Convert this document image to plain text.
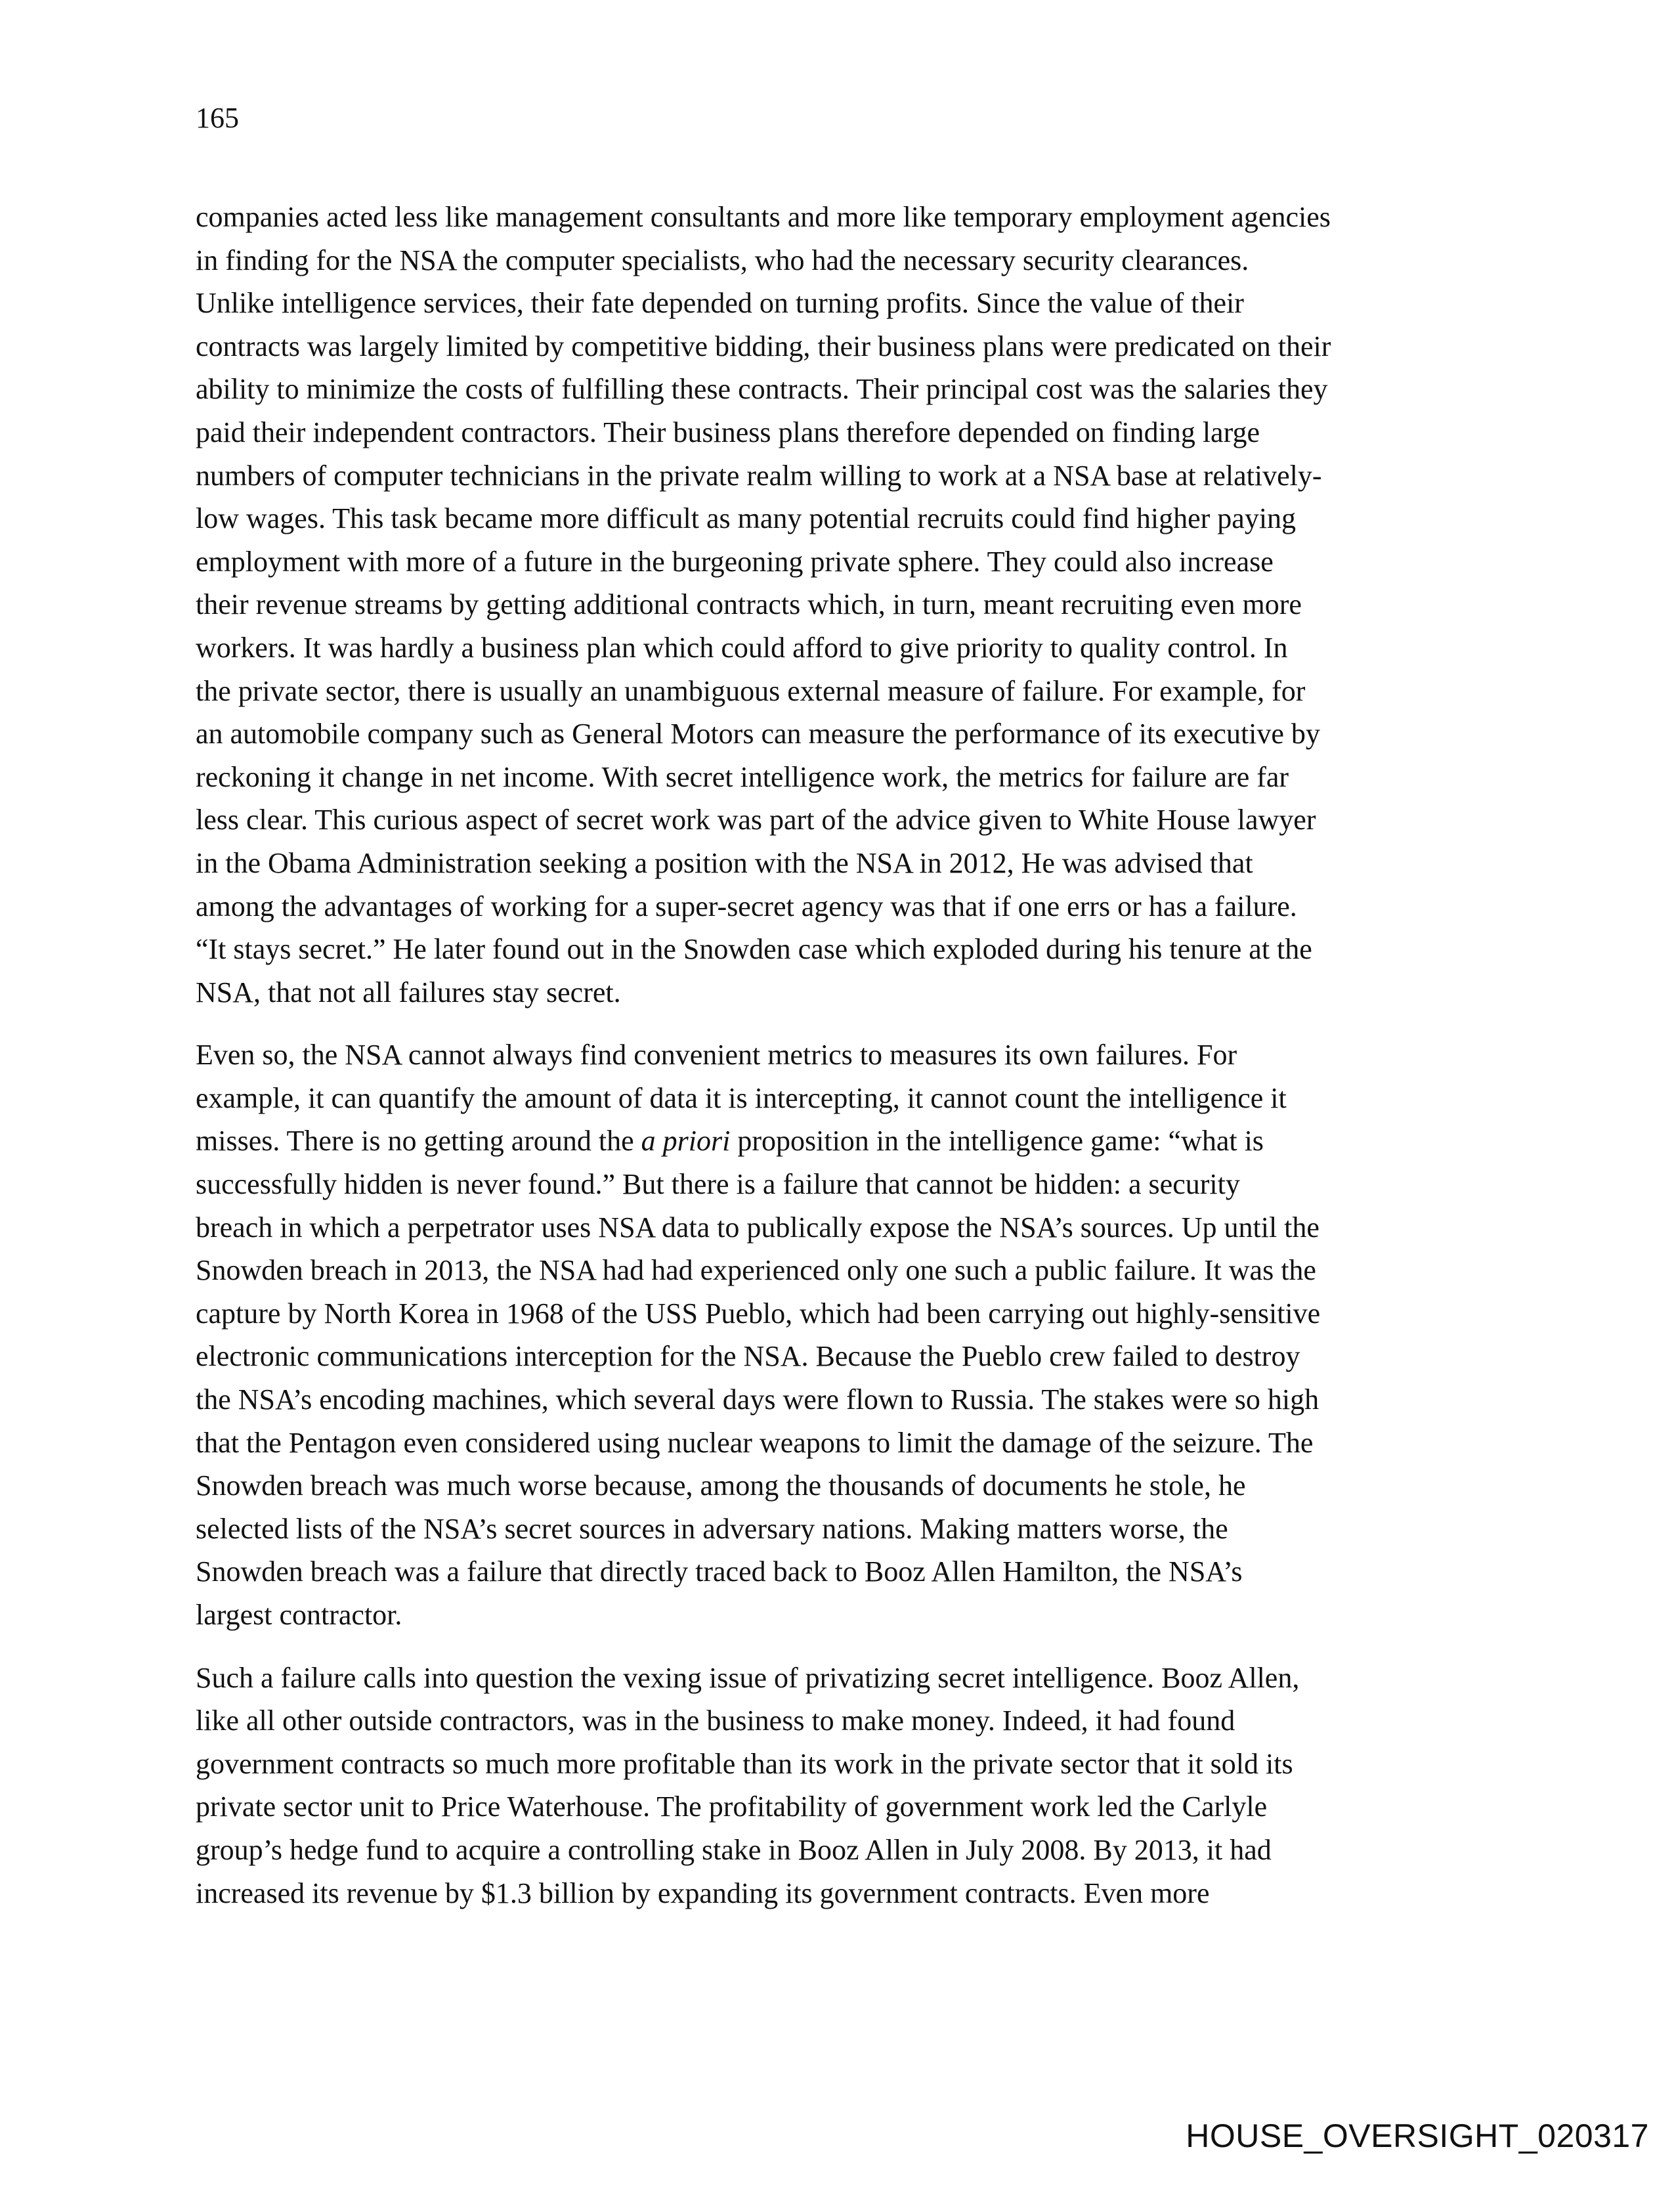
165

companies acted less like management consultants and more like temporary employment agencies
in finding for the NSA the computer specialists, who had the necessary security clearances.
Unlike intelligence services, their fate depended on turning profits. Since the value of their
contracts was largely limited by competitive bidding, their business plans were predicated on their
ability to minimize the costs of fulfilling these contracts. Their principal cost was the salaries they
paid their independent contractors. Their business plans therefore depended on finding large
numbers of computer technicians in the private realm willing to work at a NSA base at relatively-
low wages. This task became more difficult as many potential recruits could find higher paying
employment with more of a future in the burgeoning private sphere. They could also increase
their revenue streams by getting additional contracts which, in turn, meant recruiting even more
workers. It was hardly a business plan which could afford to give priority to quality control. In
the private sector, there is usually an unambiguous external measure of failure. For example, for
an automobile company such as General Motors can measure the performance of its executive by
reckoning it change in net income. With secret intelligence work, the metrics for failure are far
less clear. This curious aspect of secret work was part of the advice given to White House lawyer
in the Obama Administration seeking a position with the NSA in 2012, He was advised that
among the advantages of working for a super-secret agency was that if one errs or has a failure.
“It stays secret.” He later found out in the Snowden case which exploded during his tenure at the
NSA, that not all failures stay secret.

Even so, the NSA cannot always find convenient metrics to measures its own failures. For
example, it can quantify the amount of data it is intercepting, it cannot count the intelligence it
misses. There is no getting around the a priori proposition in the intelligence game: “what is
successfully hidden is never found.” But there is a failure that cannot be hidden: a security
breach in which a perpetrator uses NSA data to publically expose the NSA’s sources. Up until the
Snowden breach in 2013, the NSA had had experienced only one such a public failure. It was the
capture by North Korea in 1968 of the USS Pueblo, which had been carrying out highly-sensitive
electronic communications interception for the NSA. Because the Pueblo crew failed to destroy
the NSA’s encoding machines, which several days were flown to Russia. The stakes were so high
that the Pentagon even considered using nuclear weapons to limit the damage of the seizure. The
Snowden breach was much worse because, among the thousands of documents he stole, he
selected lists of the NSA’s secret sources in adversary nations. Making matters worse, the
Snowden breach was a failure that directly traced back to Booz Allen Hamilton, the NSA’s
largest contractor.

Such a failure calls into question the vexing issue of privatizing secret intelligence. Booz Allen,
like all other outside contractors, was in the business to make money. Indeed, it had found
government contracts so much more profitable than its work in the private sector that it sold its
private sector unit to Price Waterhouse. The profitability of government work led the Carlyle
group’s hedge fund to acquire a controlling stake in Booz Allen in July 2008. By 2013, it had
increased its revenue by $1.3 billion by expanding its government contracts. Even more

HOUSE_OVERSIGHT_020317
